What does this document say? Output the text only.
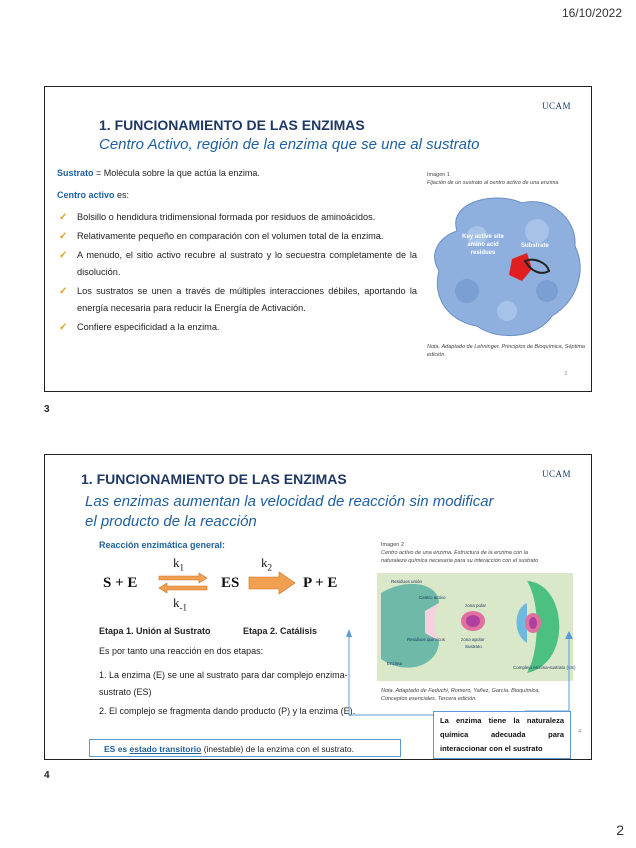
16/10/2022
UCAM
1. FUNCIONAMIENTO DE LAS ENZIMAS
Centro Activo, región de la enzima que se une al sustrato
Sustrato = Molécula sobre la que actúa la enzima.
Centro activo es:
✓ Bolsillo o hendidura tridimensional formada por residuos de aminoácidos.
✓ Relativamente pequeño en comparación con el volumen total de la enzima.
✓ A menudo, el sitio activo recubre al sustrato y lo secuestra completamente de la disolución.
✓ Los sustratos se unen a través de múltiples interacciones débiles, aportando la energía necesaria para reducir la Energía de Activación.
✓ Confiere especificidad a la enzima.
Imagen 1
Fijación de un sustrato al centro activo de una enzima
Key active site amino acid residues
Substrate
Nota. Adaptado de Lehninger. Principios de Bioquímica, Séptima edición.
3
3
UCAM
1. FUNCIONAMIENTO DE LAS ENZIMAS
Las enzimas aumentan la velocidad de reacción sin modificar
el producto de la reacción
Reacción enzimática general:
S + E
$k_1$
$k_{-1}$
ES
$k_2$
P + E
Etapa 1. Unión al Sustrato	Etapa 2. Catálisis
Es por tanto una reacción en dos etapas:
1. La enzima (E) se une al sustrato para dar complejo enzima-sustrato (ES)
2. El complejo se fragmenta dando producto (P) y la enzima (E).
ES es estado transitorio (inestable) de la enzima con el sustrato.
Imagen 2
Centro activo de una enzima. Estructura de la enzima con la naturaleza química necesaria para su interacción con el sustrato
Residuos unión
Centro activo
Residuos químicos
Enzima
zona polar
zona apolar
Sustrato
Complejo enzima-sustrato (ES)
Nota. Adaptado de Feduchi, Romero, Yañez, García. Bioquímica, Conceptos esenciales. Tercera edición.
La enzima tiene la naturaleza química adecuada para interaccionar con el sustrato
4
4
2
